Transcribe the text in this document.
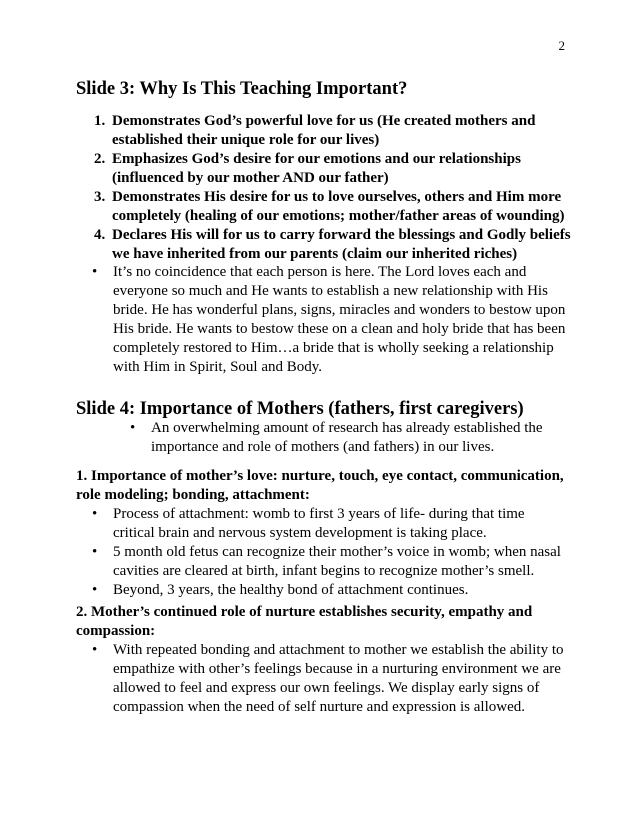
2
Slide 3: Why Is This Teaching Important?
1. Demonstrates God’s powerful love for us (He created mothers and established their unique role for our lives)
2. Emphasizes God’s desire for our emotions and our relationships (influenced by our mother AND our father)
3. Demonstrates His desire for us to love ourselves, others and Him more completely (healing of our emotions; mother/father areas of wounding)
4. Declares His will for us to carry forward the blessings and Godly beliefs we have inherited from our parents (claim our inherited riches)
•	It’s no coincidence that each person is here. The Lord loves each and everyone so much and He wants to establish a new relationship with His bride. He has wonderful plans, signs, miracles and wonders to bestow upon His bride. He wants to bestow these on a clean and holy bride that has been completely restored to Him…a bride that is wholly seeking a relationship with Him in Spirit, Soul and Body.
Slide 4: Importance of Mothers (fathers, first caregivers)
•	An overwhelming amount of research has already established the importance and role of mothers (and fathers) in our lives.

1. Importance of mother’s love: nurture, touch, eye contact, communication, role modeling; bonding, attachment:

•	Process of attachment: womb to first 3 years of life- during that time critical brain and nervous system development is taking place.
•	5 month old fetus can recognize their mother’s voice in womb; when nasal cavities are cleared at birth, infant begins to recognize mother’s smell.
•	Beyond, 3 years, the healthy bond of attachment continues.

2. Mother’s continued role of nurture establishes security, empathy and compassion:

•	With repeated bonding and attachment to mother we establish the ability to empathize with other’s feelings because in a nurturing environment we are allowed to feel and express our own feelings. We display early signs of compassion when the need of self nurture and expression is allowed.
